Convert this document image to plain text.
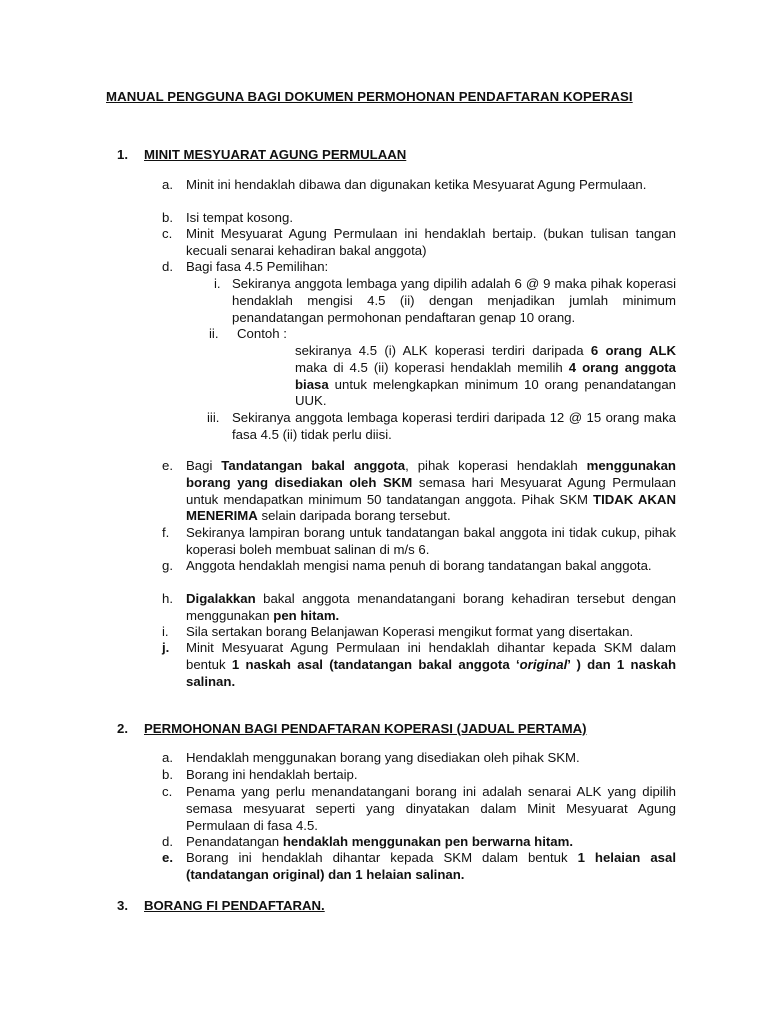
MANUAL PENGGUNA BAGI DOKUMEN PERMOHONAN PENDAFTARAN KOPERASI
1. MINIT MESYUARAT AGUNG PERMULAAN
a. Minit ini hendaklah dibawa dan digunakan ketika Mesyuarat Agung Permulaan.
b. Isi tempat kosong.
c.	Minit Mesyuarat Agung Permulaan ini hendaklah bertaip. (bukan tulisan tangan kecuali senarai kehadiran bakal anggota)
d. Bagi fasa 4.5 Pemilihan:
i. Sekiranya anggota lembaga yang dipilih adalah 6 @ 9 maka pihak koperasi hendaklah mengisi 4.5 (ii) dengan menjadikan jumlah minimum penandatangan permohonan pendaftaran genap 10 orang.
ii.	Contoh :
sekiranya 4.5 (i) ALK koperasi terdiri daripada 6 orang ALK maka di 4.5 (ii) koperasi hendaklah memilih 4 orang anggota biasa untuk melengkapkan minimum 10 orang penandatangan UUK.
iii. Sekiranya anggota lembaga koperasi terdiri daripada 12 @ 15 orang maka fasa 4.5 (ii) tidak perlu diisi.
e. Bagi Tandatangan bakal anggota, pihak koperasi hendaklah menggunakan borang yang disediakan oleh SKM semasa hari Mesyuarat Agung Permulaan untuk mendapatkan minimum 50 tandatangan anggota. Pihak SKM TIDAK AKAN MENERIMA selain daripada borang tersebut.
f.	Sekiranya lampiran borang untuk tandatangan bakal anggota ini tidak cukup, pihak koperasi boleh membuat salinan di m/s 6.
g. Anggota hendaklah mengisi nama penuh di borang tandatangan bakal anggota.
h. Digalakkan bakal anggota menandatangani borang kehadiran tersebut dengan menggunakan pen hitam.
i.	Sila sertakan borang Belanjawan Koperasi mengikut format yang disertakan.
j.	Minit Mesyuarat Agung Permulaan ini hendaklah dihantar kepada SKM dalam bentuk 1 naskah asal (tandatangan bakal anggota ‘original’ ) dan 1 naskah salinan.
2. PERMOHONAN BAGI PENDAFTARAN KOPERASI (JADUAL PERTAMA)
a. Hendaklah menggunakan borang yang disediakan oleh pihak SKM.
b. Borang ini hendaklah bertaip.
c.	Penama yang perlu menandatangani borang ini adalah senarai ALK yang dipilih semasa mesyuarat seperti yang dinyatakan dalam Minit Mesyuarat Agung Permulaan di fasa 4.5.
d. Penandatangan hendaklah menggunakan pen berwarna hitam.
e. Borang ini hendaklah dihantar kepada SKM dalam bentuk 1 helaian asal (tandatangan original) dan 1 helaian salinan.
3. BORANG FI PENDAFTARAN.
